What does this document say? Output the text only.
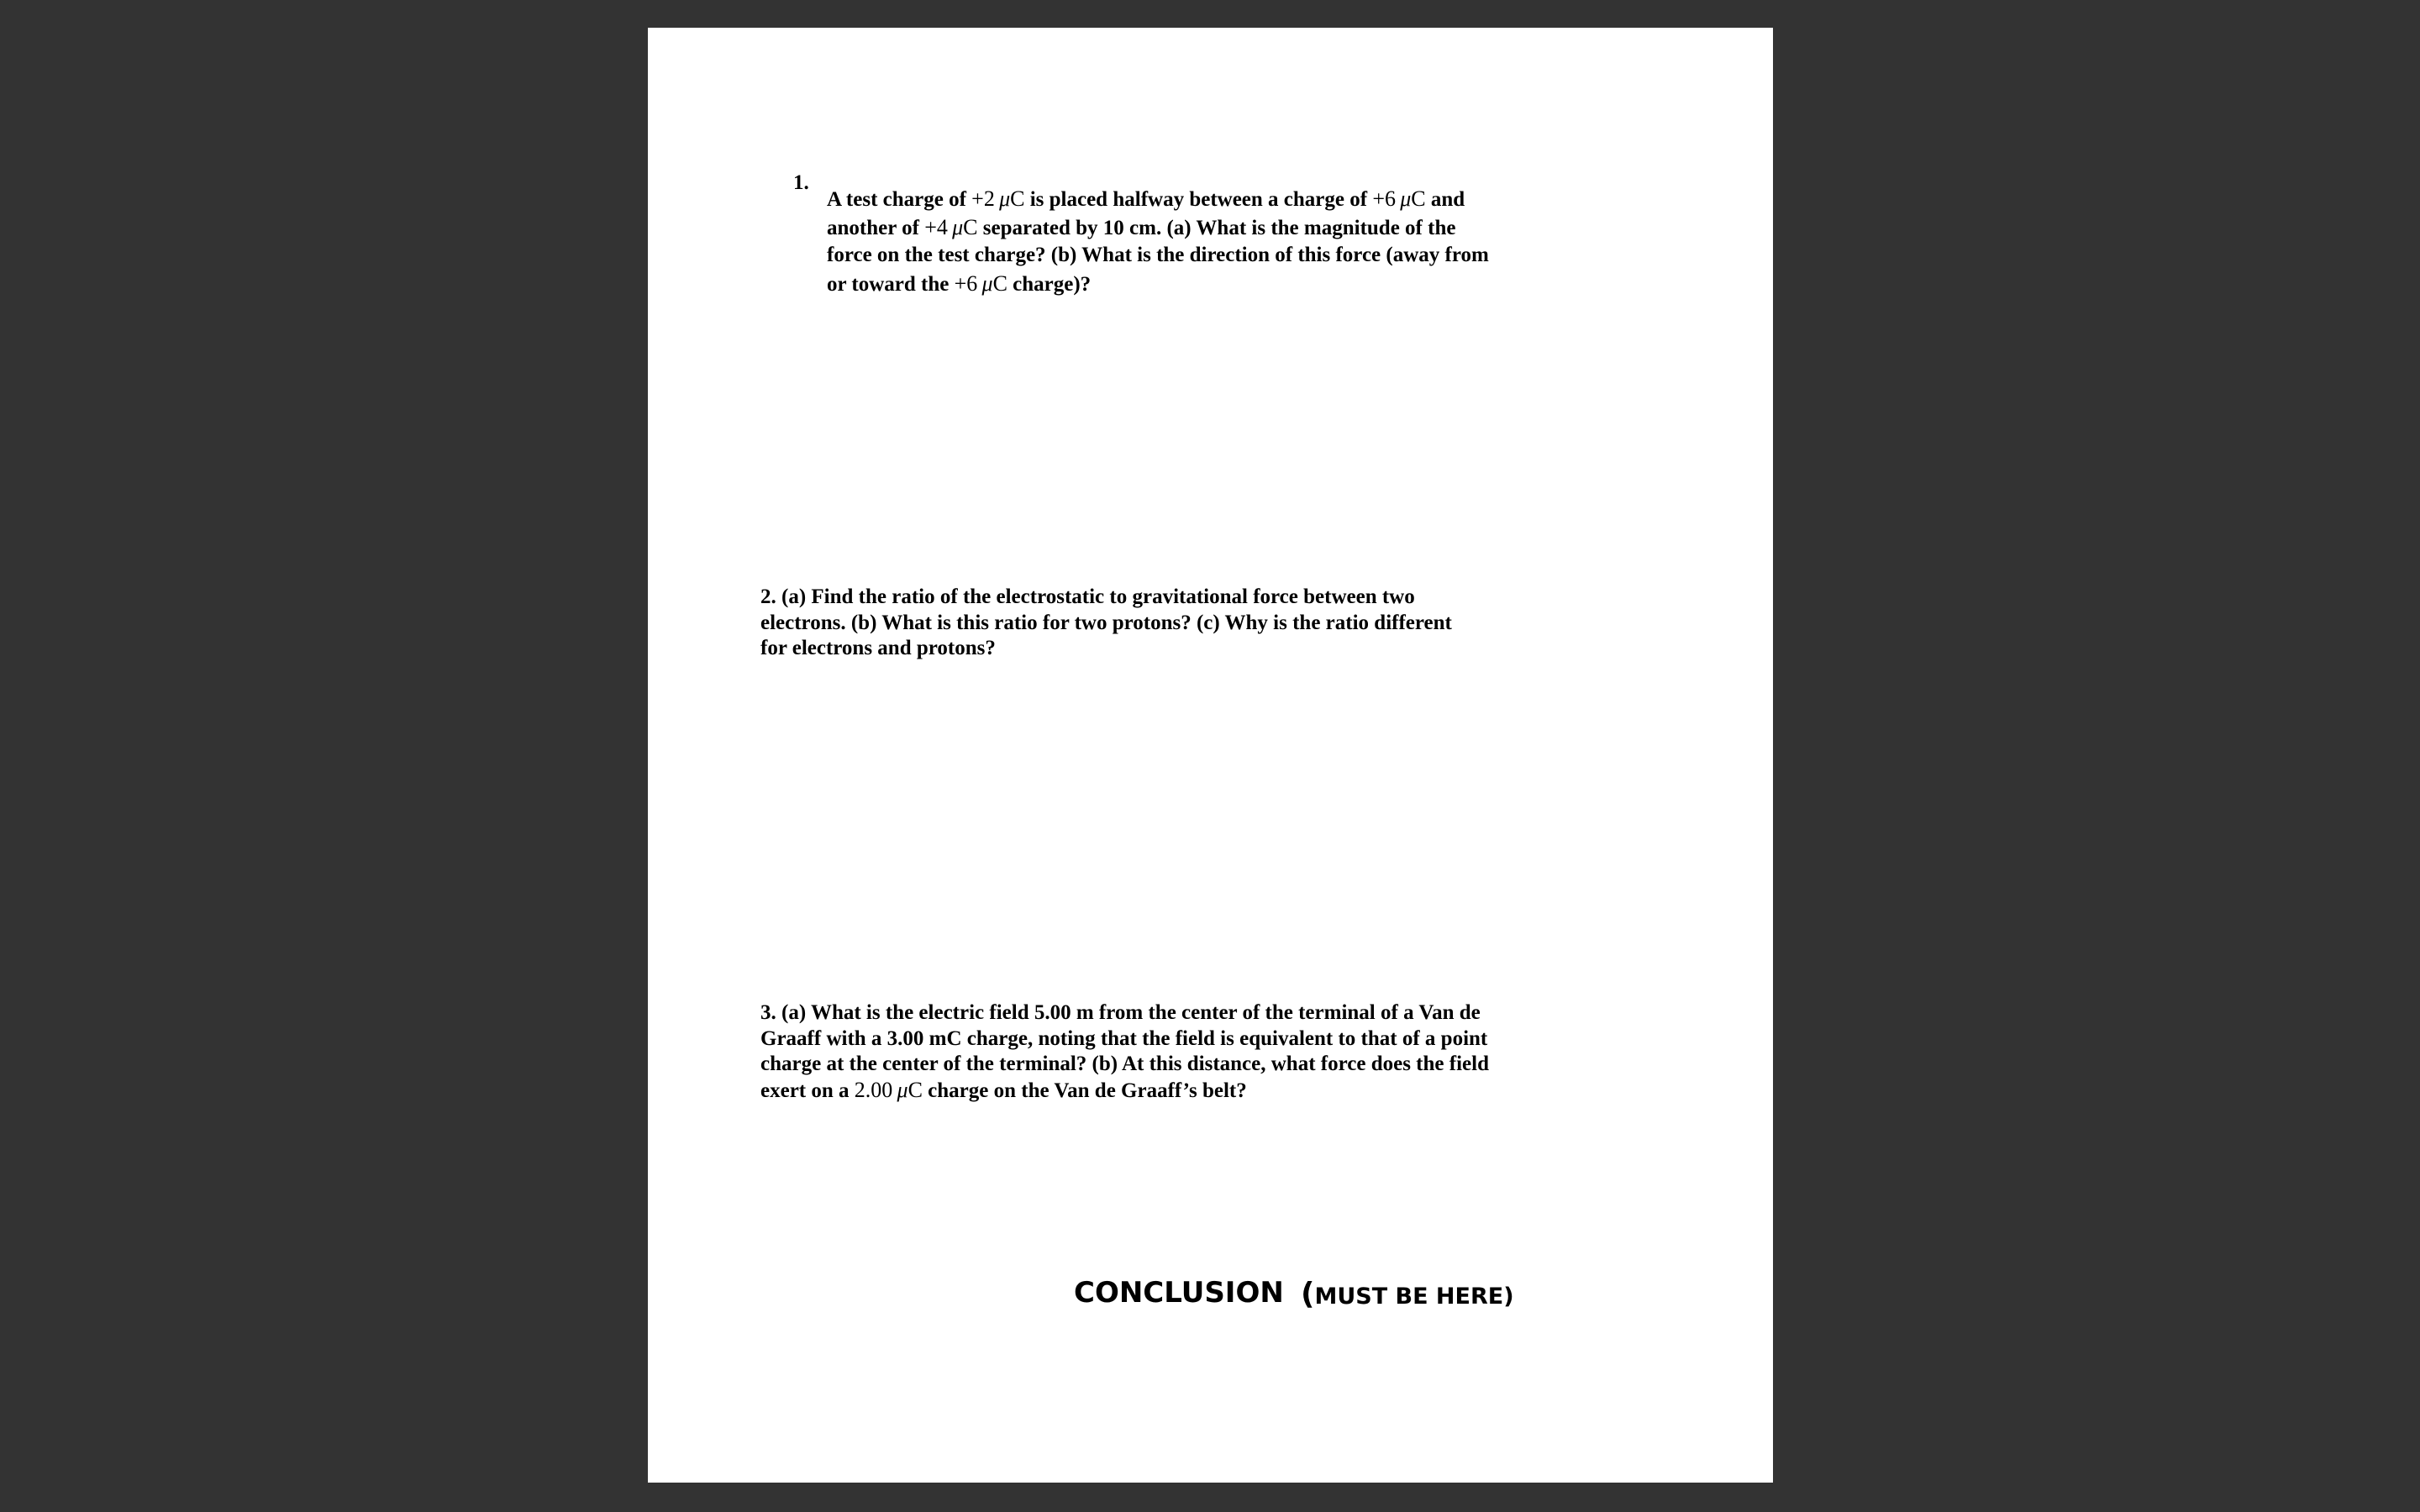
1.
A test charge of +2  μC is placed halfway between a charge of +6  μC and
another of +4  μC separated by 10 cm. (a) What is the magnitude of the
force on the test charge? (b) What is the direction of this force (away from
or toward the +6  μC charge)?
2. (a) Find the ratio of the electrostatic to gravitational force between two
electrons. (b) What is this ratio for two protons? (c) Why is the ratio different
for electrons and protons?
3. (a) What is the electric field 5.00 m from the center of the terminal of a Van de
Graaff with a 3.00 mC charge, noting that the field is equivalent to that of a point
charge at the center of the terminal? (b) At this distance, what force does the field
exert on a 2.00  μC charge on the Van de Graaff’s belt?
CONCLUSION (MUST BE HERE)
